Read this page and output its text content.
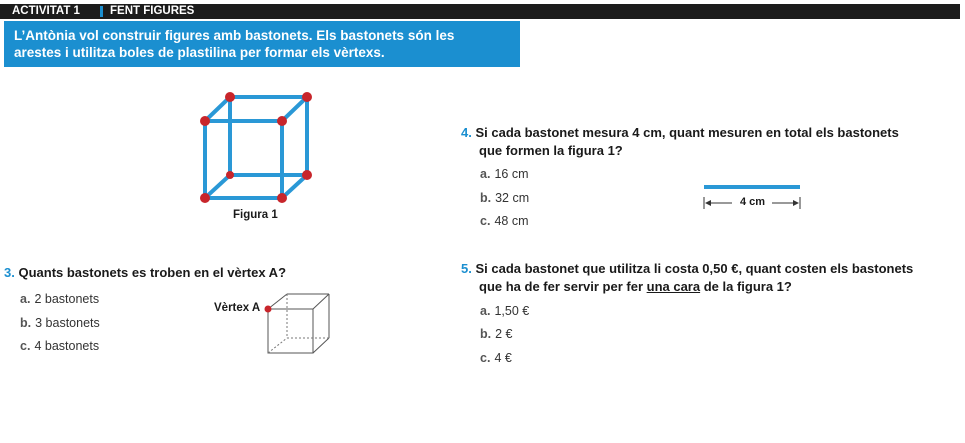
ACTIVITAT 1	FENT FIGURES
L’Antònia vol construir figures amb bastonets. Els bastonets són les
arestes i utilitza boles de plastilina per formar els vèrtexs.
Figura 1
3. Quants bastonets es troben en el vèrtex A?
a. 2 bastonets
b. 3 bastonets
c. 4 bastonets
Vèrtex A
4. Si cada bastonet mesura 4 cm, quant mesuren en total els bastonets
que formen la figura 1?
a. 16 cm
b. 32 cm
c. 48 cm
4 cm
5. Si cada bastonet que utilitza li costa 0,50 €, quant costen els bastonets
que ha de fer servir per fer una cara de la figura 1?
a. 1,50 €
b. 2 €
c. 4 €
